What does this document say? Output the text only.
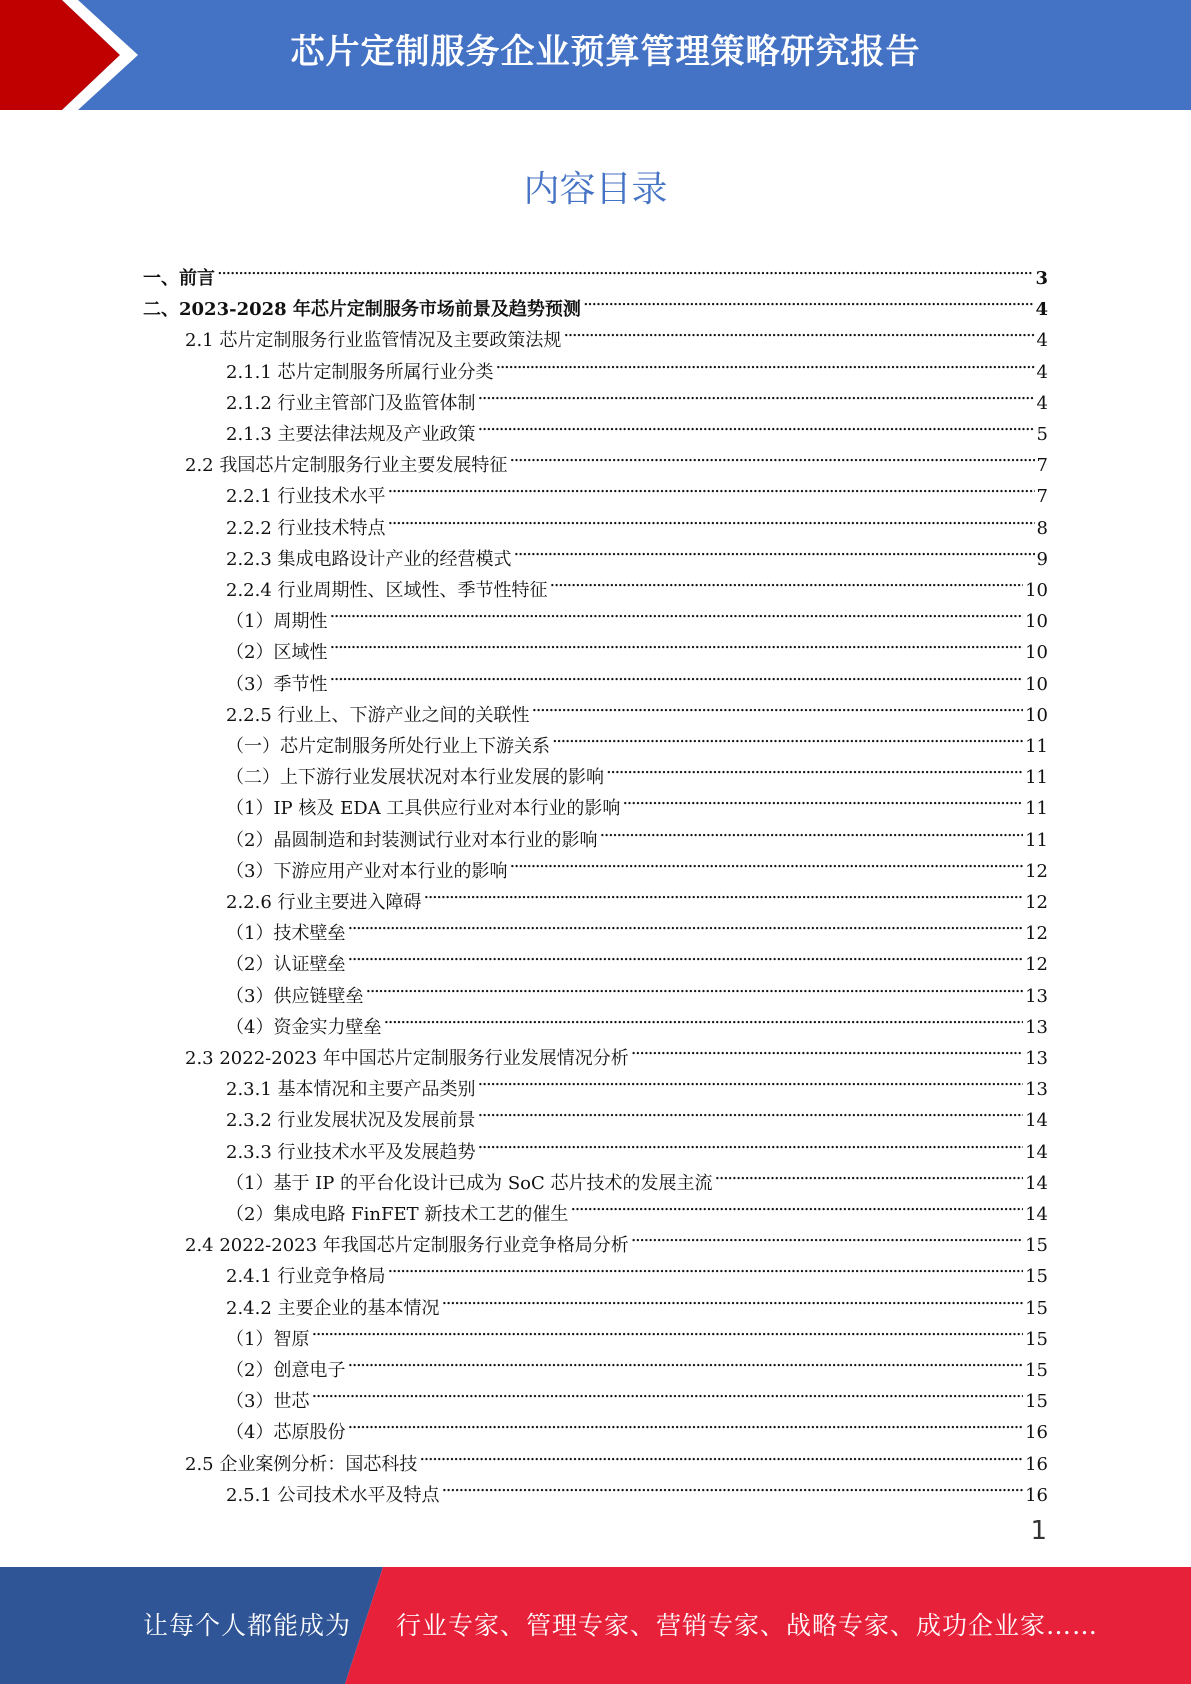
芯片定制服务企业预算管理策略研究报告
内容目录
一、前言 . . .	3
二、2023-2028 年芯片定制服务市场前景及趋势预测 . . .	4
2.1 芯片定制服务行业监管情况及主要政策法规 . . .	4
2.1.1 芯片定制服务所属行业分类 . . .	4
2.1.2 行业主管部门及监管体制 . . .	4
2.1.3 主要法律法规及产业政策 . . .	5
2.2 我国芯片定制服务行业主要发展特征 . . .	7
2.2.1 行业技术水平 . . .	7
2.2.2 行业技术特点 . . .	8
2.2.3 集成电路设计产业的经营模式 . . .	9
2.2.4 行业周期性、区域性、季节性特征 . . .	10
（1）周期性 . . .	10
（2）区域性 . . .	10
（3）季节性 . . .	10
2.2.5 行业上、下游产业之间的关联性 . . .	10
（一）芯片定制服务所处行业上下游关系 . . .	11
（二）上下游行业发展状况对本行业发展的影响 . . .	11
（1）IP 核及 EDA 工具供应行业对本行业的影响 . . .	11
（2）晶圆制造和封装测试行业对本行业的影响 . . .	11
（3）下游应用产业对本行业的影响 . . .	12
2.2.6 行业主要进入障碍 . . .	12
（1）技术壁垒 . . .	12
（2）认证壁垒 . . .	12
（3）供应链壁垒 . . .	13
（4）资金实力壁垒 . . .	13
2.3 2022-2023 年中国芯片定制服务行业发展情况分析 . . .	13
2.3.1 基本情况和主要产品类别 . . .	13
2.3.2 行业发展状况及发展前景 . . .	14
2.3.3 行业技术水平及发展趋势 . . .	14
（1）基于 IP 的平台化设计已成为 SoC 芯片技术的发展主流 . . .	14
（2）集成电路 FinFET 新技术工艺的催生 . . .	14
2.4 2022-2023 年我国芯片定制服务行业竞争格局分析 . . .	15
2.4.1 行业竞争格局 . . .	15
2.4.2 主要企业的基本情况 . . .	15
（1）智原 . . .	15
（2）创意电子 . . .	15
（3）世芯 . . .	15
（4）芯原股份 . . .	16
2.5 企业案例分析：国芯科技 . . .	16
2.5.1 公司技术水平及特点 . . .	16
1
让每个人都能成为 行业专家、管理专家、营销专家、战略专家、成功企业家……
